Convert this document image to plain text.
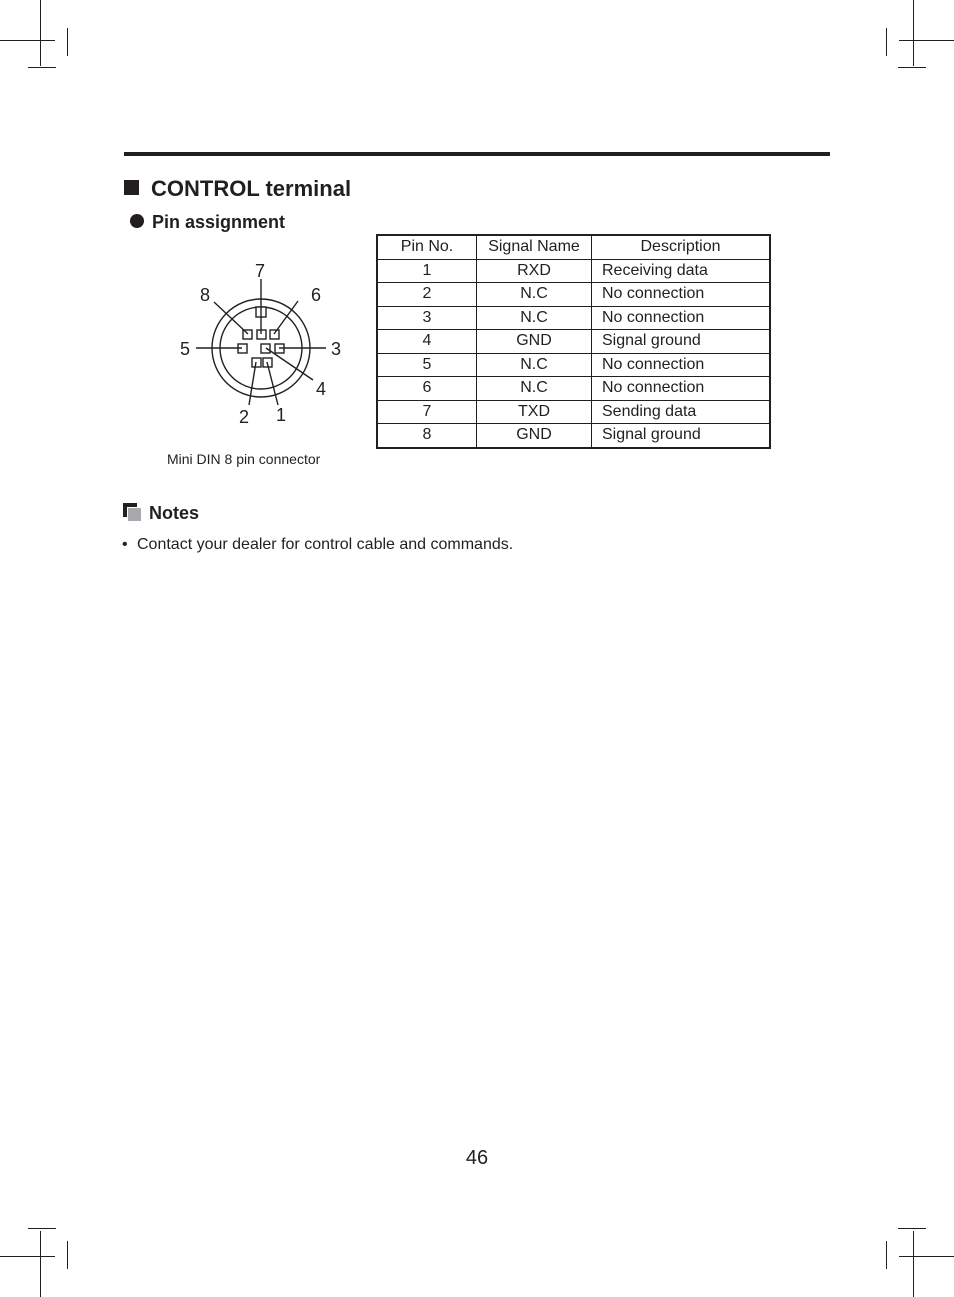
CONTROL terminal
Pin assignment
7
8	6
5	3
4
2 1
Mini DIN 8 pin connector
Pin No.	Signal Name	Description
1	RXD	Receiving data
2	N.C	No connection
3	N.C	No connection
4	GND	Signal ground
5	N.C	No connection
6	N.C	No connection
7	TXD	Sending data
8	GND	Signal ground
Notes
• Contact your dealer for control cable and commands.
46
